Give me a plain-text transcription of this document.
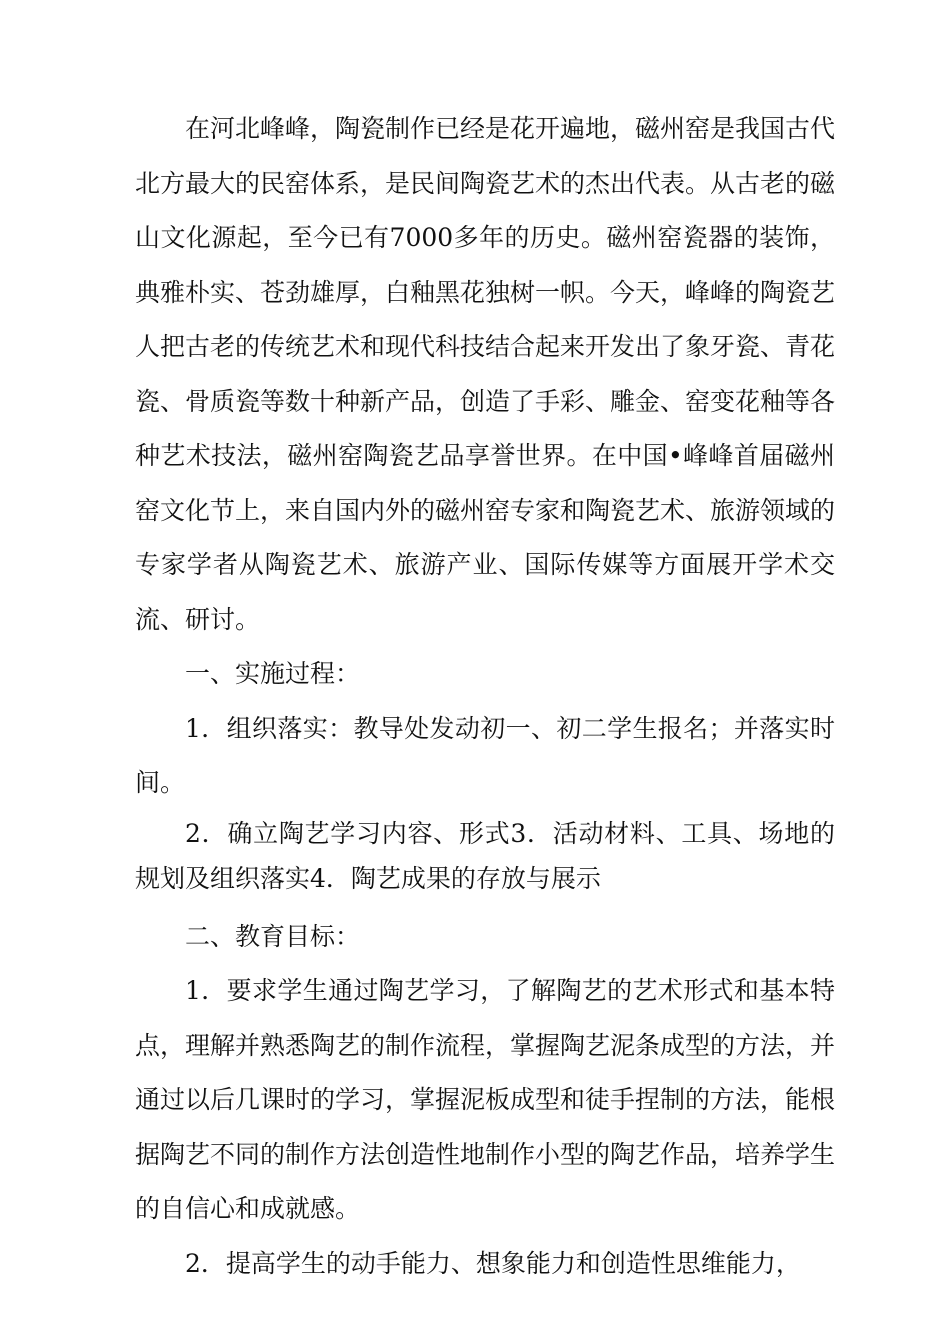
在河北峰峰，陶瓷制作已经是花开遍地，磁州窑是我国古代北方最大的民窑体系，是民间陶瓷艺术的杰出代表。从古老的磁山文化源起，至今已有7000多年的历史。磁州窑瓷器的装饰，典雅朴实、苍劲雄厚，白釉黑花独树一帜。今天，峰峰的陶瓷艺人把古老的传统艺术和现代科技结合起来开发出了象牙瓷、青花瓷、骨质瓷等数十种新产品，创造了手彩、雕金、窑变花釉等各种艺术技法，磁州窑陶瓷艺品享誉世界。在中国•峰峰首届磁州窑文化节上，来自国内外的磁州窑专家和陶瓷艺术、旅游领域的专家学者从陶瓷艺术、旅游产业、国际传媒等方面展开学术交流、研讨。

一、实施过程：

1．组织落实：教导处发动初一、初二学生报名；并落实时间。

2．确立陶艺学习内容、形式3．活动材料、工具、场地的规划及组织落实4．陶艺成果的存放与展示

二、教育目标：

1．要求学生通过陶艺学习，了解陶艺的艺术形式和基本特点，理解并熟悉陶艺的制作流程，掌握陶艺泥条成型的方法，并通过以后几课时的学习，掌握泥板成型和徒手捏制的方法，能根据陶艺不同的制作方法创造性地制作小型的陶艺作品，培养学生的自信心和成就感。

2．提高学生的动手能力、想象能力和创造性思维能力，
